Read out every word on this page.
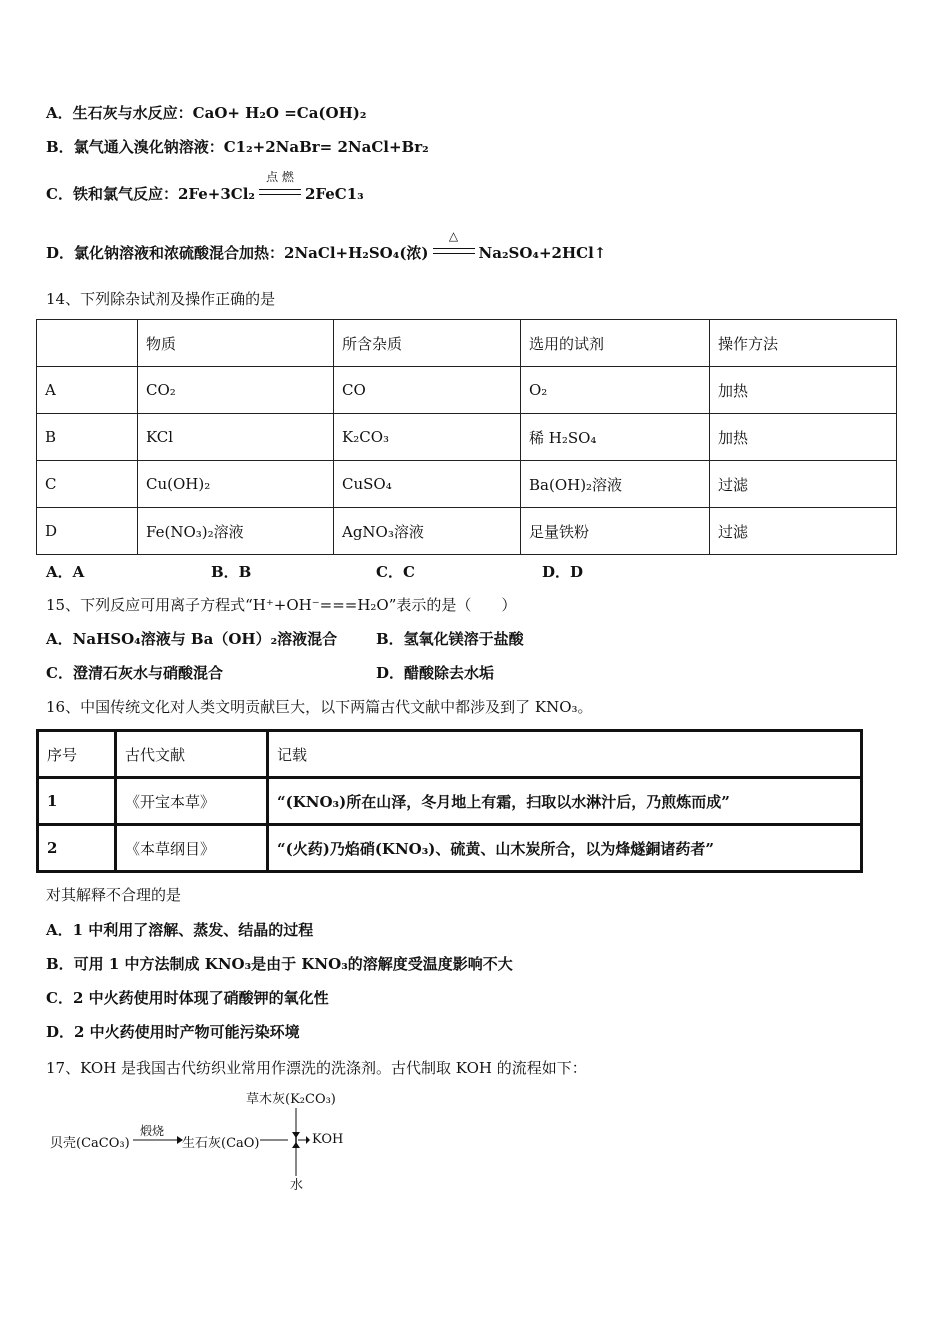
A．生石灰与水反应：CaO+ H₂O =Ca(OH)₂
B．氯气通入溴化钠溶液：C1₂+2NaBr= 2NaCl+Br₂
C．铁和氯气反应：2Fe+3Cl₂
点 燃
2FeC1₃
D．氯化钠溶液和浓硫酸混合加热：2NaCl+H₂SO₄(浓)
△
Na₂SO₄+2HCl↑
14、下列除杂试剂及操作正确的是
	物质	所含杂质	选用的试剂	操作方法
A	CO₂	CO	O₂	加热
B	KCl	K₂CO₃	稀 H₂SO₄	加热
C	Cu(OH)₂	CuSO₄	Ba(OH)₂溶液	过滤
D	Fe(NO₃)₂溶液	AgNO₃溶液	足量铁粉	过滤
A．A	B．B	C．C	D．D
15、下列反应可用离子方程式“H⁺+OH⁻===H₂O”表示的是（　　）
A．NaHSO₄溶液与 Ba（OH）₂溶液混合	B．氢氧化镁溶于盐酸
C．澄清石灰水与硝酸混合	D．醋酸除去水垢
16、中国传统文化对人类文明贡献巨大，以下两篇古代文献中都涉及到了 KNO₃。
序号	古代文献	记载
1	《开宝本草》	“(KNO₃)所在山泽，冬月地上有霜，扫取以水淋汁后，乃煎炼而成”
2	《本草纲目》	“(火药)乃焰硝(KNO₃)、硫黄、山木炭所合，以为烽燧銅诸药者”
对其解释不合理的是
A．1 中利用了溶解、蒸发、结晶的过程
B．可用 1 中方法制成 KNO₃是由于 KNO₃的溶解度受温度影响不大
C．2 中火药使用时体现了硝酸钾的氧化性
D．2 中火药使用时产物可能污染环境
17、KOH 是我国古代纺织业常用作漂洗的洗涤剂。古代制取 KOH 的流程如下：
贝壳(CaCO₃)
煅烧
生石灰(CaO)
草木灰(K₂CO₃)
KOH
水
